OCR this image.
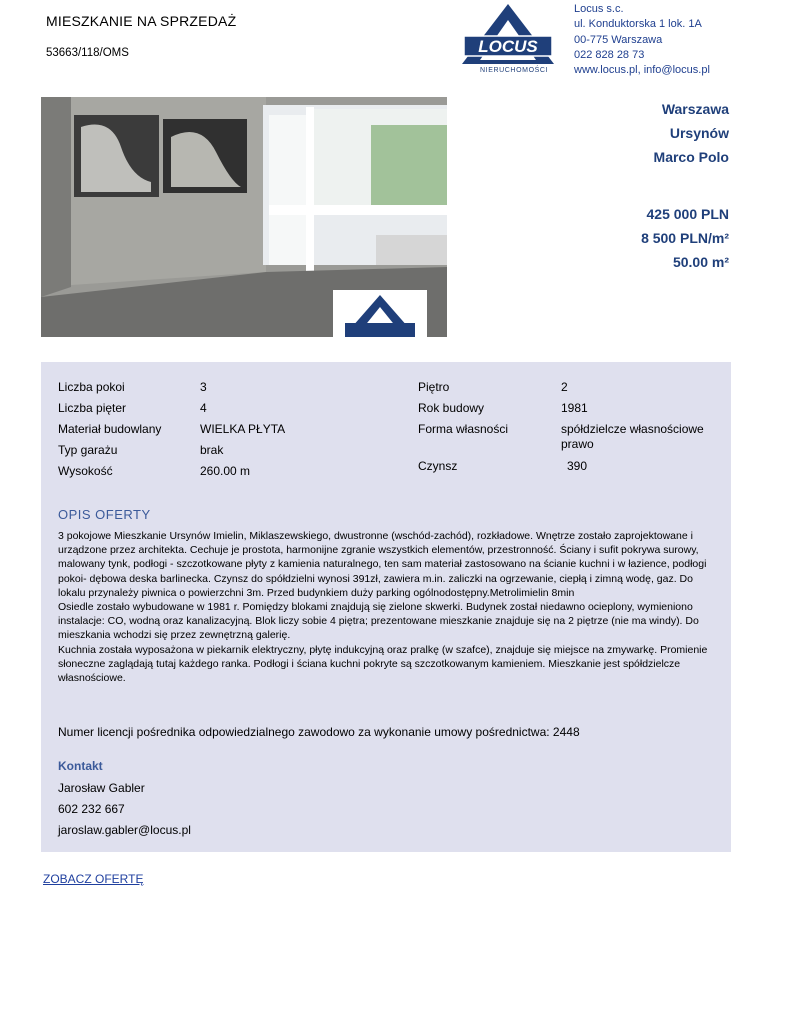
MIESZKANIE NA SPRZEDAŻ
53663/118/OMS	LOCUS
NIERUCHOMOŚCI
Locus s.c.
ul. Konduktorska 1 lok. 1A
00-775 Warszawa
022 828 28 73
www.locus.pl, info@locus.pl
Warszawa
Ursynów
Marco Polo
425 000 PLN
8 500 PLN/m²
50.00 m²
Liczba pokoi	3
Liczba pięter	4
Materiał budowlany	WIELKA PŁYTA
Typ garażu	brak
Wysokość	260.00 m
Piętro	2
Rok budowy	1981
Forma własności	spółdzielcze własnościowe prawo
Czynsz	390
OPIS OFERTY

3 pokojowe Mieszkanie Ursynów Imielin, Miklaszewskiego, dwustronne (wschód-zachód), rozkładowe. Wnętrze zostało zaprojektowane i urządzone przez architekta. Cechuje je prostota, harmonijne zgranie wszystkich elementów, przestronność. Ściany i sufit pokrywa surowy, malowany tynk, podłogi - szczotkowane płyty z kamienia naturalnego, ten sam materiał zastosowano na ścianie kuchni i w łazience, podłogi pokoi- dębowa deska barlinecka. Czynsz do spółdzielni wynosi 391zł, zawiera m.in. zaliczki na ogrzewanie, ciepłą i zimną wodę, gaz. Do lokalu przynależy piwnica o powierzchni 3m. Przed budynkiem duży parking ogólnodostępny.Metrolimielin 8min

Osiedle zostało wybudowane w 1981 r. Pomiędzy blokami znajdują się zielone skwerki. Budynek został niedawno ocieplony, wymieniono instalacje: CO, wodną oraz kanalizacyjną. Blok liczy sobie 4 piętra; prezentowane mieszkanie znajduje się na 2 piętrze (nie ma windy). Do mieszkania wchodzi się przez zewnętrzną galerię.

Kuchnia została wyposażona w piekarnik elektryczny, płytę indukcyjną oraz pralkę (w szafce), znajduje się miejsce na zmywarkę. Promienie słoneczne zaglądają tutaj każdego ranka. Podłogi i ściana kuchni pokryte są szczotkowanym kamieniem. Mieszkanie jest spółdzielcze własnościowe.

Numer licencji pośrednika odpowiedzialnego zawodowo za wykonanie umowy pośrednictwa: 2448
Kontakt
Jarosław Gabler
602 232 667
jaroslaw.gabler@locus.pl
ZOBACZ OFERTĘ
